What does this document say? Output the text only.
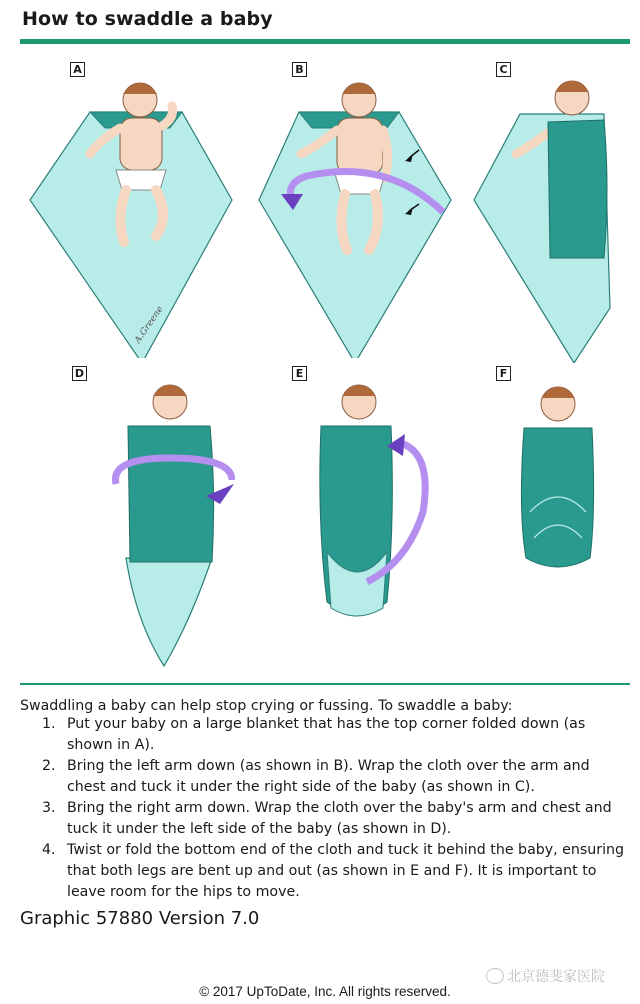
How to swaddle a baby
A
A.Greene
B	C
D	E	F
Swaddling a baby can help stop crying or fussing. To swaddle a baby:
1. Put your baby on a large blanket that has the top corner folded down (as shown in A).
2. Bring the left arm down (as shown in B). Wrap the cloth over the arm and chest and tuck it under the right side of the baby (as shown in C).
3. Bring the right arm down. Wrap the cloth over the baby's arm and chest and tuck it under the left side of the baby (as shown in D).
4. Twist or fold the bottom end of the cloth and tuck it behind the baby, ensuring that both legs are bent up and out (as shown in E and F). It is important to leave room for the hips to move.
Graphic 57880 Version 7.0
北京德斐家医院
© 2017 UpToDate, Inc. All rights reserved.
